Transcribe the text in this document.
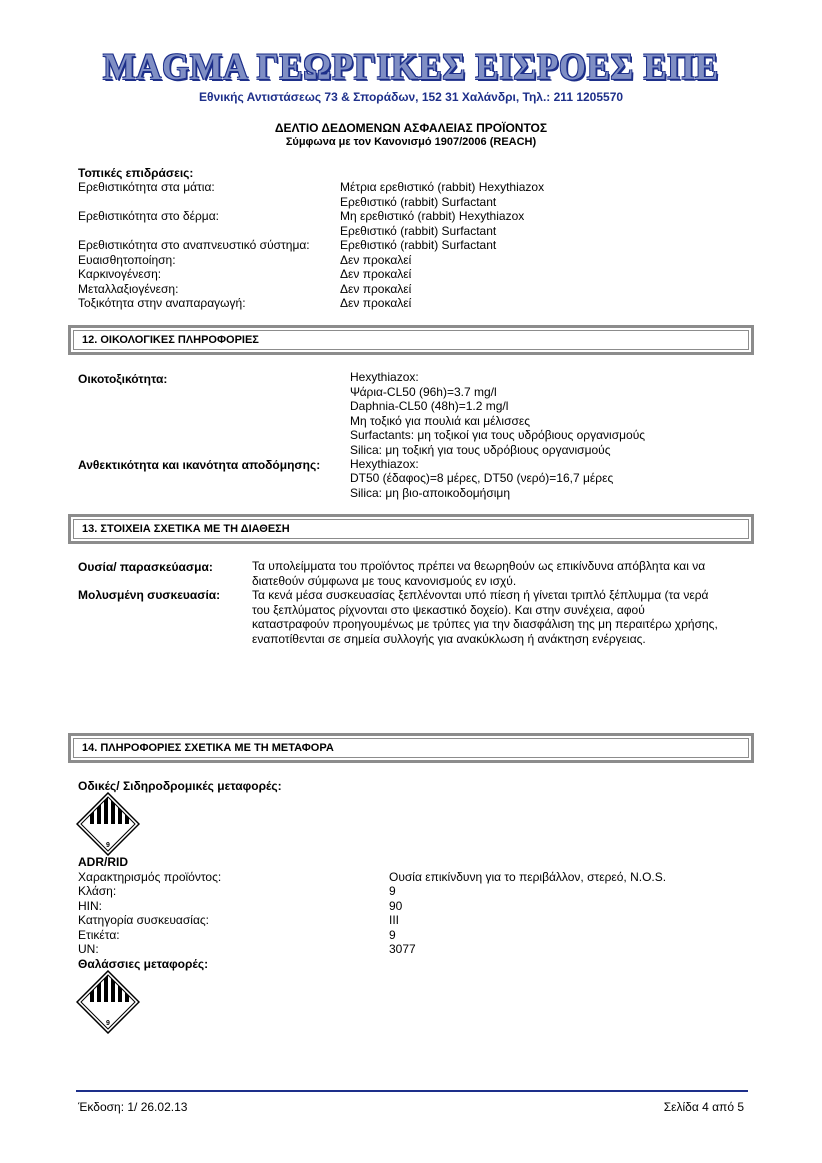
MAGMA ΓΕΩΡΓΙΚΕΣ ΕΙΣΡΟΕΣ ΕΠΕ
Εθνικής Αντιστάσεως 73 & Σποράδων, 152 31 Χαλάνδρι, Τηλ.: 211 1205570
ΔΕΛΤΙΟ ΔΕΔΟΜΕΝΩΝ ΑΣΦΑΛΕΙΑΣ ΠΡΟΪΟΝΤΟΣ
Σύμφωνα με τον Κανονισμό 1907/2006 (REACH)
Τοπικές επιδράσεις:
Ερεθιστικότητα στα μάτια:	Μέτρια ερεθιστικό (rabbit) Hexythiazox
Ερεθιστικό (rabbit) Surfactant
Ερεθιστικότητα στο δέρμα:	Μη ερεθιστικό (rabbit) Hexythiazox
Ερεθιστικό (rabbit) Surfactant
Ερεθιστικότητα στο αναπνευστικό σύστημα:	Ερεθιστικό (rabbit) Surfactant
Ευαισθητοποίηση:	Δεν προκαλεί
Καρκινογένεση:	Δεν προκαλεί
Μεταλλαξιογένεση:	Δεν προκαλεί
Τοξικότητα στην αναπαραγωγή:	Δεν προκαλεί
12. ΟΙΚΟΛΟΓΙΚΕΣ ΠΛΗΡΟΦΟΡΙΕΣ
Οικοτοξικότητα:	Hexythiazox:
Ψάρια-CL50 (96h)=3.7 mg/l
Daphnia-CL50 (48h)=1.2 mg/l
Μη τοξικό για πουλιά και μέλισσες
Surfactants: μη τοξικοί για τους υδρόβιους οργανισμούς
Silica: μη τοξική για τους υδρόβιους οργανισμούς
Ανθεκτικότητα και ικανότητα αποδόμησης: Hexythiazox:
DT50 (έδαφος)=8 μέρες, DT50 (νερό)=16,7 μέρες
Silica: μη βιο-αποικοδομήσιμη
13. ΣΤΟΙΧΕΙΑ ΣΧΕΤΙΚΑ ΜΕ ΤΗ ΔΙΑΘΕΣΗ
Ουσία/ παρασκεύασμα:	Τα υπολείμματα του προϊόντος πρέπει να θεωρηθούν ως επικίνδυνα απόβλητα και να
διατεθούν σύμφωνα με τους κανονισμούς εν ισχύ.
Μολυσμένη συσκευασία:	Τα κενά μέσα συσκευασίας ξεπλένονται υπό πίεση ή γίνεται τριπλό ξέπλυμμα (τα νερά
του ξεπλύματος ρίχνονται στο ψεκαστικό δοχείο). Και στην συνέχεια, αφού
καταστραφούν προηγουμένως με τρύπες για την διασφάλιση της μη περαιτέρω χρήσης,
εναποτίθενται σε σημεία συλλογής για ανακύκλωση ή ανάκτηση ενέργειας.
14. ΠΛΗΡΟΦΟΡΙΕΣ ΣΧΕΤΙΚΑ ΜΕ ΤΗ ΜΕΤΑΦΟΡΑ
Οδικές/ Σιδηροδρομικές μεταφορές:
9
ADR/RID
Χαρακτηρισμός προϊόντος:	Ουσία επικίνδυνη για το περιβάλλον, στερεό, N.O.S.
Κλάση:	9
HIN:	90
Κατηγορία συσκευασίας:	III
Ετικέτα:	9
UN:	3077
Θαλάσσιες μεταφορές:
9
Έκδοση: 1/ 26.02.13	Σελίδα 4 από 5
